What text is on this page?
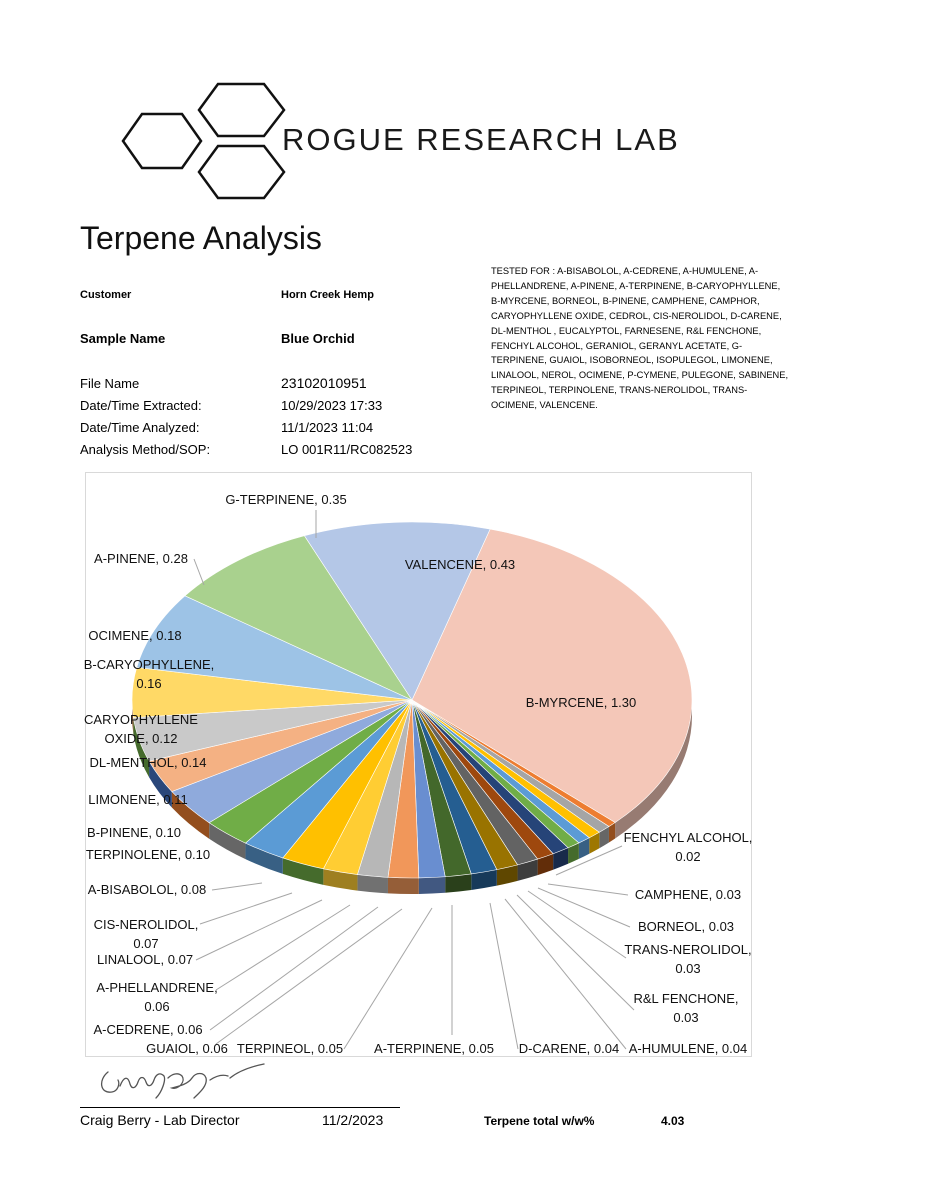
ROGUE RESEARCH LAB
Terpene Analysis
Customer	Horn Creek Hemp
Sample Name	Blue Orchid
File Name	23102010951
Date/Time Extracted:	10/29/2023 17:33
Date/Time Analyzed:	11/1/2023 11:04
Analysis Method/SOP:	LO 001R11/RC082523
TESTED FOR : A-BISABOLOL, A-CEDRENE, A-HUMULENE, A-PHELLANDRENE, A-PINENE, A-TERPINENE, B-CARYOPHYLLENE, B-MYRCENE, BORNEOL, B-PINENE, CAMPHENE, CAMPHOR, CARYOPHYLLENE OXIDE, CEDROL, CIS-NEROLIDOL, D-CARENE, DL-MENTHOL , EUCALYPTOL, FARNESENE, R&L FENCHONE, FENCHYL ALCOHOL, GERANIOL, GERANYL ACETATE, G-TERPINENE, GUAIOL, ISOBORNEOL, ISOPULEGOL, LIMONENE, LINALOOL, NEROL, OCIMENE, P-CYMENE, PULEGONE, SABINENE, TERPINEOL, TERPINOLENE, TRANS-NEROLIDOL, TRANS-OCIMENE, VALENCENE.
B-MYRCENE, 1.30
FENCHYL ALCOHOL, 0.02
CAMPHENE, 0.03
BORNEOL, 0.03
TRANS-NEROLIDOL, 0.03
R&L FENCHONE, 0.03
A-HUMULENE, 0.04
D-CARENE, 0.04
A-TERPINENE, 0.05
TERPINEOL, 0.05
GUAIOL, 0.06
A-CEDRENE, 0.06
A-PHELLANDRENE, 0.06
LINALOOL, 0.07
CIS-NEROLIDOL, 0.07
A-BISABOLOL, 0.08
TERPINOLENE, 0.10
B-PINENE, 0.10
LIMONENE, 0.11
DL-MENTHOL, 0.14
CARYOPHYLLENE OXIDE, 0.12
B-CARYOPHYLLENE, 0.16
OCIMENE, 0.18
A-PINENE, 0.28
G-TERPINENE, 0.35
VALENCENE, 0.43
Craig Berry - Lab Director	11/2/2023	Terpene total w/w%	4.03
